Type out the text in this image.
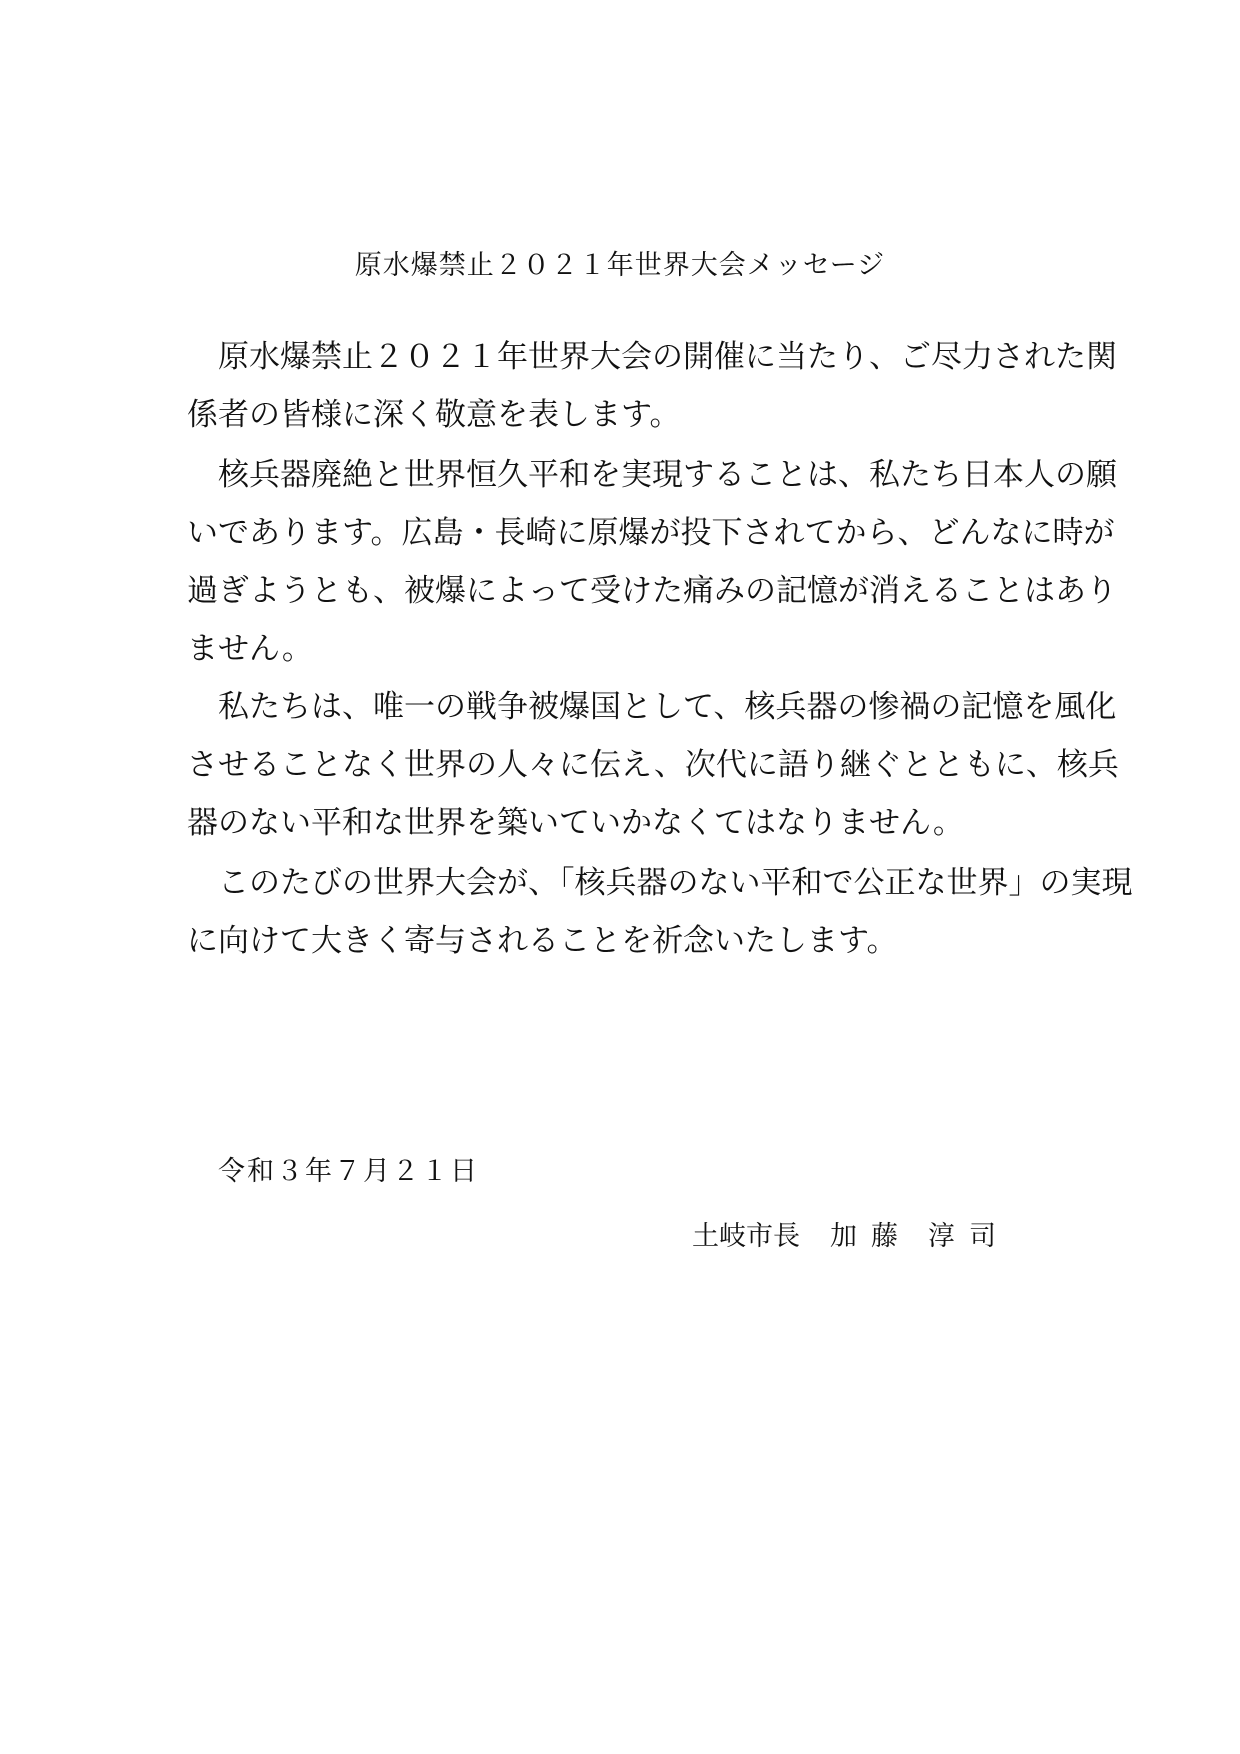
原水爆禁止２０２１年世界大会メッセージ
原水爆禁止２０２１年世界大会の開催に当たり、ご尽力された関
係者の皆様に深く敬意を表します。
核兵器廃絶と世界恒久平和を実現することは、私たち日本人の願
いであります。広島・長崎に原爆が投下されてから、どんなに時が
過ぎようとも、被爆によって受けた痛みの記憶が消えることはあり
ません。
私たちは、唯一の戦争被爆国として、核兵器の惨禍の記憶を風化
させることなく世界の人々に伝え、次代に語り継ぐとともに、核兵
器のない平和な世界を築いていかなくてはなりません。
このたびの世界大会が、「核兵器のない平和で公正な世界」の実現
に向けて大きく寄与されることを祈念いたします。
令和３年７月２１日
土岐市長 加 藤 淳 司
